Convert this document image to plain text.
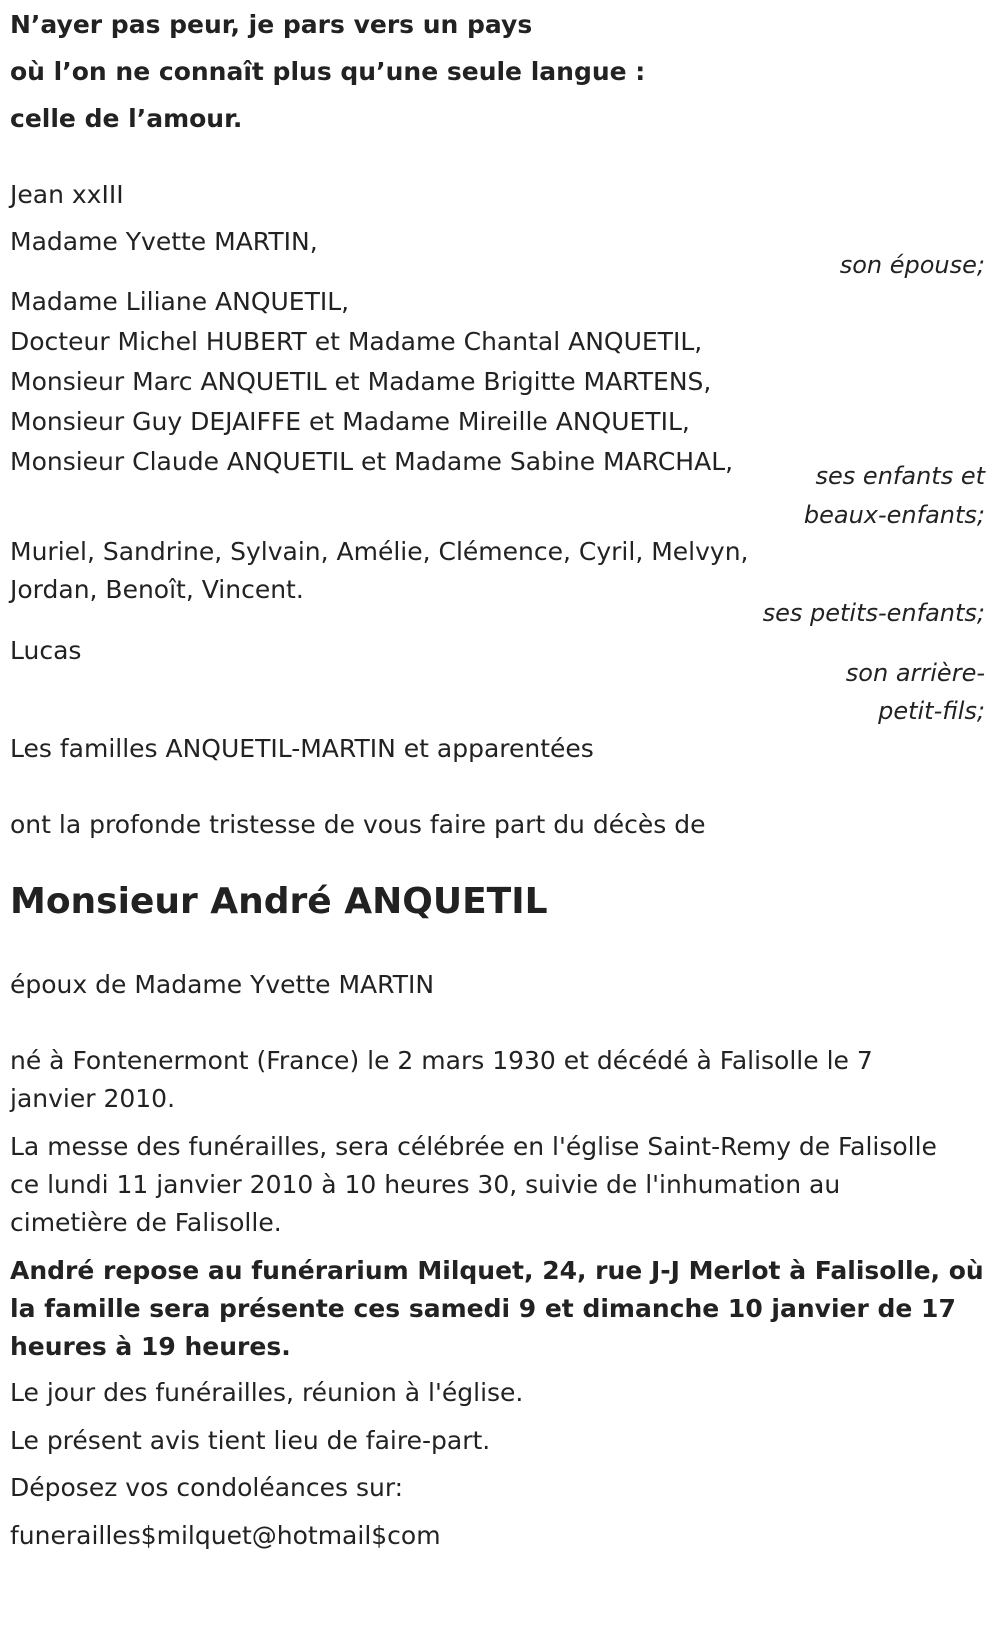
N’ayer pas peur, je pars vers un pays

où l’on ne connaît plus qu’une seule langue :

celle de l’amour.

Jean xxIII

Madame Yvette MARTIN,

son épouse;

Madame Liliane ANQUETIL,
Docteur Michel HUBERT et Madame Chantal ANQUETIL,
Monsieur Marc ANQUETIL et Madame Brigitte MARTENS,
Monsieur Guy DEJAIFFE et Madame Mireille ANQUETIL,
Monsieur Claude ANQUETIL et Madame Sabine MARCHAL,	ses enfants et

beaux-enfants;

Muriel, Sandrine, Sylvain, Amélie, Clémence, Cyril, Melvyn,

Jordan, Benoît, Vincent.

ses petits-enfants;

Lucas

son arrière-

petit-fils;

Les familles ANQUETIL-MARTIN et apparentées

ont la profonde tristesse de vous faire part du décès de

Monsieur André ANQUETIL

époux de Madame Yvette MARTIN

né à Fontenermont (France) le 2 mars 1930 et décédé à Falisolle le 7

janvier 2010.

La messe des funérailles, sera célébrée en l'église Saint-Remy de Falisolle

ce lundi 11 janvier 2010 à 10 heures 30, suivie de l'inhumation au

cimetière de Falisolle.

André repose au funérarium Milquet, 24, rue J-J Merlot à Falisolle, où

la famille sera présente ces samedi 9 et dimanche 10 janvier de 17

heures à 19 heures.

Le jour des funérailles, réunion à l'église.

Le présent avis tient lieu de faire-part.

Déposez vos condoléances sur:

funerailles$milquet@hotmail$com
